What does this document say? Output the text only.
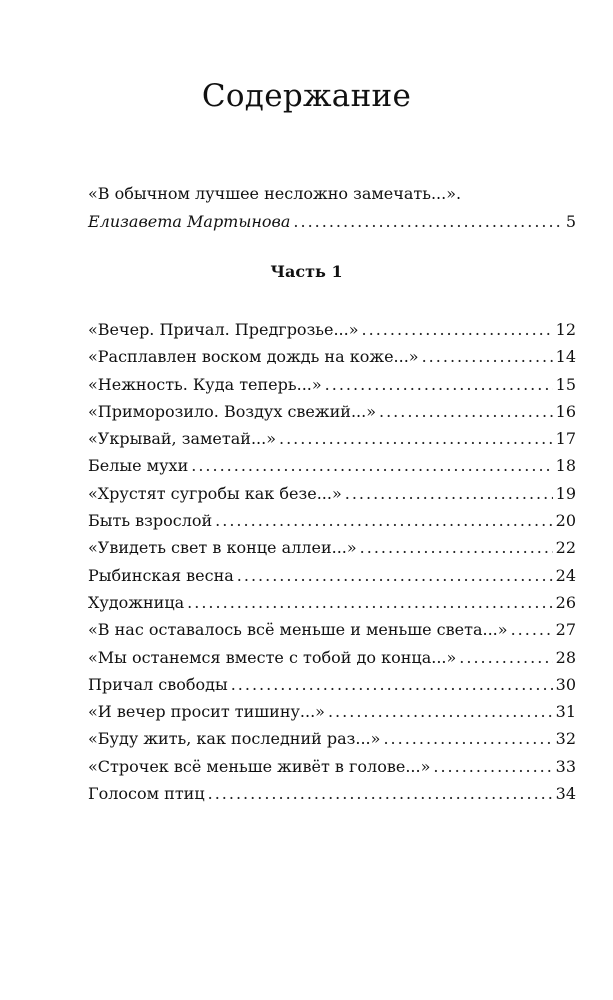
Содержание
«В обычном лучшее несложно замечать...».
Елизавета Мартынова .....	5
Часть 1
«Вечер. Причал. Предгрозье...» .....	12
«Расплавлен воском дождь на коже...» .....	14
«Нежность. Куда теперь...» .....	15
«Приморозило. Воздух свежий...» .....	16
«Укрывай, заметай...» .....	17
Белые мухи .....	18
«Хрустят сугробы как безе...» .....	19
Быть взрослой .....	20
«Увидеть свет в конце аллеи...» .....	22
Рыбинская весна .....	24
Художница .....	26
«В нас оставалось всё меньше и меньше света...» .....	27
«Мы останемся вместе с тобой до конца...» .....	28
Причал свободы .....	30
«И вечер просит тишину...» .....	31
«Буду жить, как последний раз...» .....	32
«Строчек всё меньше живёт в голове...» .....	33
Голосом птиц .....	34
